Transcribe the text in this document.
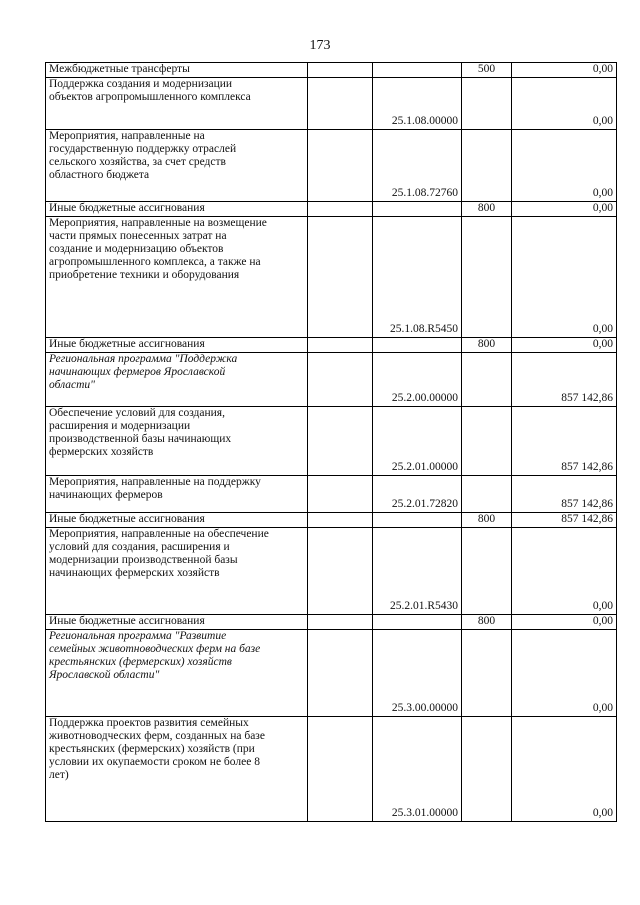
173
Межбюджетные трансферты			500	0,00
Поддержка создания и модернизации
объектов агропромышленного комплекса		25.1.08.00000		0,00
Мероприятия, направленные на
государственную поддержку отраслей
сельского хозяйства, за счет средств
областного бюджета		25.1.08.72760		0,00
Иные бюджетные ассигнования			800	0,00
Мероприятия, направленные на возмещение
части прямых понесенных затрат на
создание и модернизацию объектов
агропромышленного комплекса, а также на
приобретение техники и оборудования		25.1.08.R5450		0,00
Иные бюджетные ассигнования			800	0,00
Региональная программа "Поддержка
начинающих фермеров Ярославской
области"		25.2.00.00000		857 142,86
Обеспечение условий для создания,
расширения и модернизации
производственной базы начинающих
фермерских хозяйств		25.2.01.00000		857 142,86
Мероприятия, направленные на поддержку
начинающих фермеров		25.2.01.72820		857 142,86
Иные бюджетные ассигнования			800	857 142,86
Мероприятия, направленные на обеспечение
условий для создания, расширения и
модернизации производственной базы
начинающих фермерских хозяйств		25.2.01.R5430		0,00
Иные бюджетные ассигнования			800	0,00
Региональная программа "Развитие
семейных животноводческих ферм на базе
крестьянских (фермерских) хозяйств
Ярославской области"		25.3.00.00000		0,00
Поддержка проектов развития семейных
животноводческих ферм, созданных на базе
крестьянских (фермерских) хозяйств (при
условии их окупаемости сроком не более 8
лет)		25.3.01.00000		0,00
